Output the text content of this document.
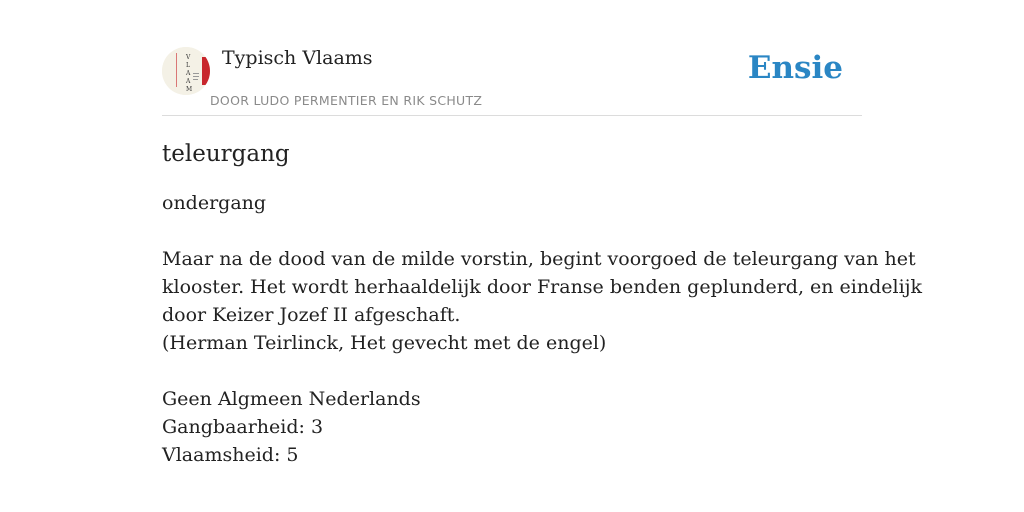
V
L
A
A
M
Typisch Vlaams
DOOR LUDO PERMENTIER EN RIK SCHUTZ
Ensie
teleurgang
ondergang
Maar na de dood van de milde vorstin, begint voorgoed de teleurgang van het
klooster. Het wordt herhaaldelijk door Franse benden geplunderd, en eindelijk
door Keizer Jozef II afgeschaft.
(Herman Teirlinck, Het gevecht met de engel)
Geen Algmeen Nederlands
Gangbaarheid: 3
Vlaamsheid: 5
